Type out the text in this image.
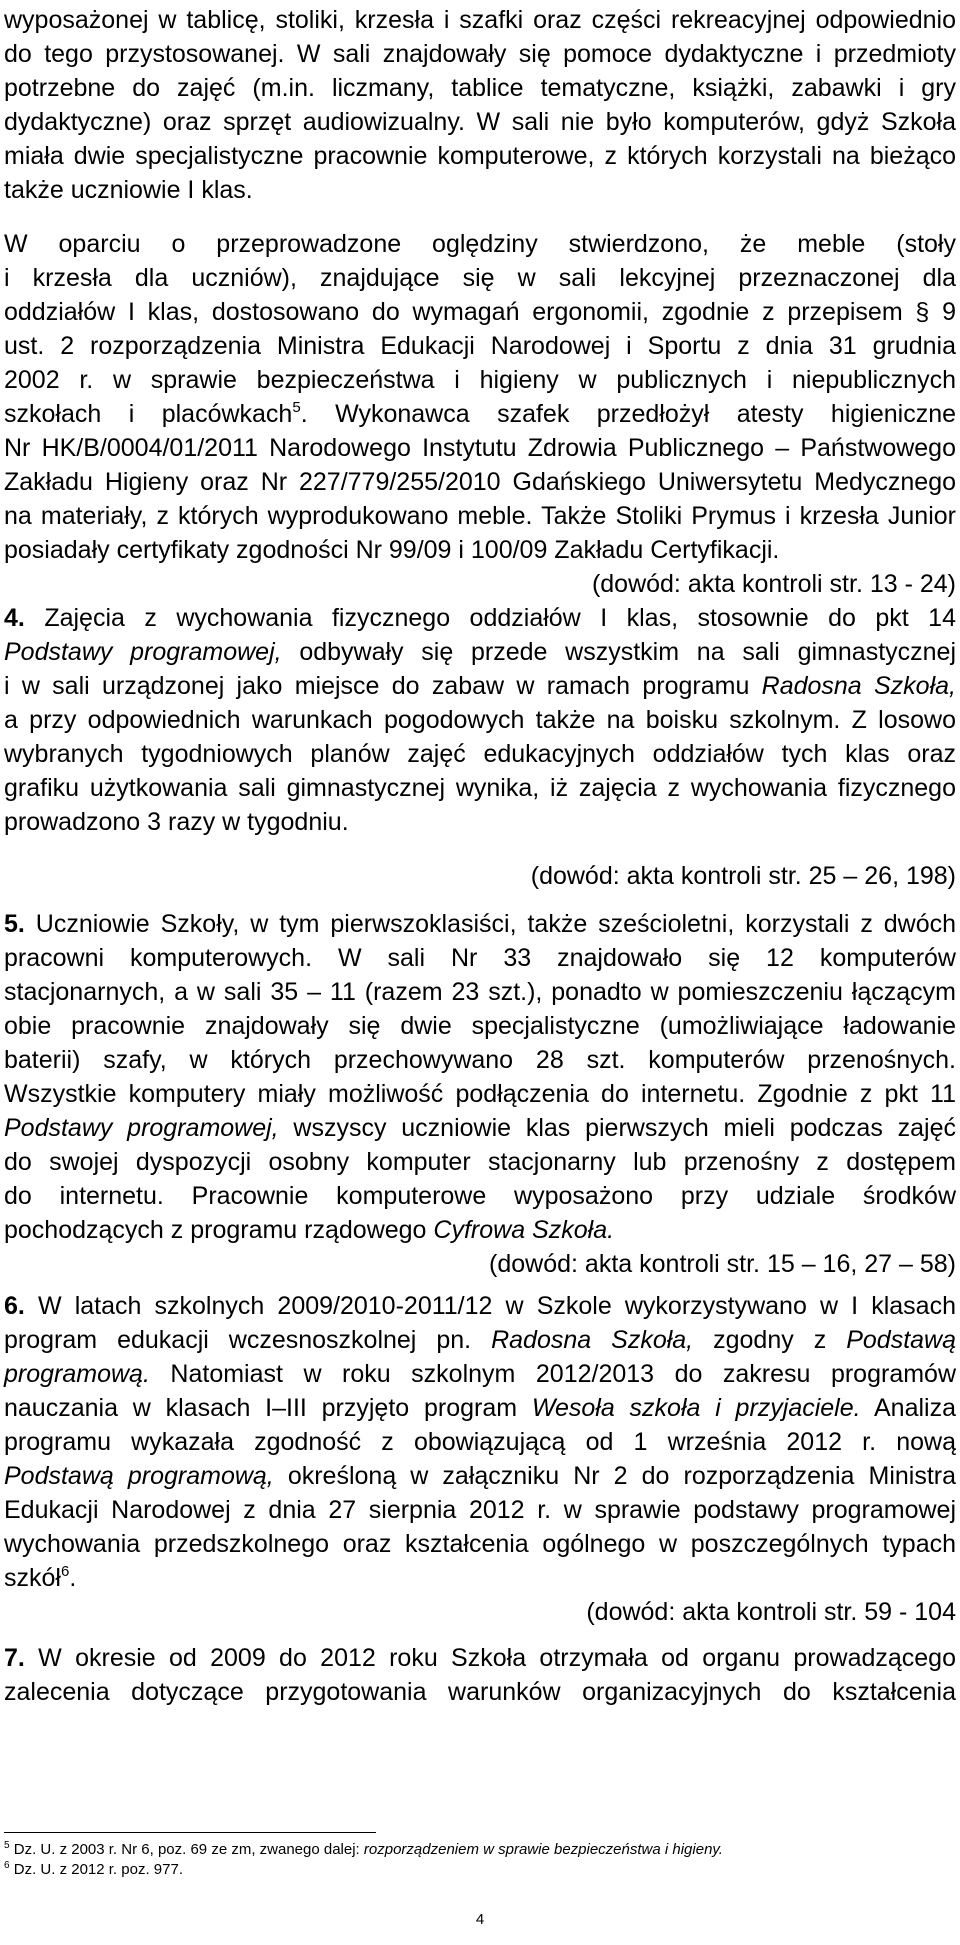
wyposażonej w tablicę, stoliki, krzesła i szafki oraz części rekreacyjnej odpowiednio
do tego przystosowanej. W sali znajdowały się pomoce dydaktyczne i przedmioty
potrzebne do zajęć (m.in. liczmany, tablice tematyczne, książki, zabawki i gry
dydaktyczne) oraz sprzęt audiowizualny. W sali nie było komputerów, gdyż Szkoła
miała dwie specjalistyczne pracownie komputerowe, z których korzystali na bieżąco
także uczniowie I klas.
W oparciu o przeprowadzone oględziny stwierdzono, że meble (stoły
i krzesła dla uczniów), znajdujące się w sali lekcyjnej przeznaczonej dla
oddziałów I klas, dostosowano do wymagań ergonomii, zgodnie z przepisem § 9
ust. 2 rozporządzenia Ministra Edukacji Narodowej i Sportu z dnia 31 grudnia
2002 r. w sprawie bezpieczeństwa i higieny w publicznych i niepublicznych
szkołach i placówkach$^5$. Wykonawca szafek przedłożył atesty higieniczne
Nr HK/B/0004/01/2011 Narodowego Instytutu Zdrowia Publicznego – Państwowego
Zakładu Higieny oraz Nr 227/779/255/2010 Gdańskiego Uniwersytetu Medycznego
na materiały, z których wyprodukowano meble. Także Stoliki Prymus i krzesła Junior
posiadały certyfikaty zgodności Nr 99/09 i 100/09 Zakładu Certyfikacji.
(dowód: akta kontroli str. 13 - 24)
4. Zajęcia z wychowania fizycznego oddziałów I klas, stosownie do pkt 14
Podstawy programowej, odbywały się przede wszystkim na sali gimnastycznej
i w sali urządzonej jako miejsce do zabaw w ramach programu Radosna Szkoła,
a przy odpowiednich warunkach pogodowych także na boisku szkolnym. Z losowo
wybranych tygodniowych planów zajęć edukacyjnych oddziałów tych klas oraz
grafiku użytkowania sali gimnastycznej wynika, iż zajęcia z wychowania fizycznego
prowadzono 3 razy w tygodniu.
(dowód: akta kontroli str. 25 – 26, 198)
5. Uczniowie Szkoły, w tym pierwszoklasiści, także sześcioletni, korzystali z dwóch
pracowni komputerowych. W sali Nr 33 znajdowało się 12 komputerów
stacjonarnych, a w sali 35 – 11 (razem 23 szt.), ponadto w pomieszczeniu łączącym
obie pracownie znajdowały się dwie specjalistyczne (umożliwiające ładowanie
baterii) szafy, w których przechowywano 28 szt. komputerów przenośnych.
Wszystkie komputery miały możliwość podłączenia do internetu. Zgodnie z pkt 11
Podstawy programowej, wszyscy uczniowie klas pierwszych mieli podczas zajęć
do swojej dyspozycji osobny komputer stacjonarny lub przenośny z dostępem
do internetu. Pracownie komputerowe wyposażono przy udziale środków
pochodzących z programu rządowego Cyfrowa Szkoła.
(dowód: akta kontroli str. 15 – 16, 27 – 58)
6. W latach szkolnych 2009/2010-2011/12 w Szkole wykorzystywano w I klasach
program edukacji wczesnoszkolnej pn. Radosna Szkoła, zgodny z Podstawą
programową. Natomiast w roku szkolnym 2012/2013 do zakresu programów
nauczania w klasach I–III przyjęto program Wesoła szkoła i przyjaciele. Analiza
programu wykazała zgodność z obowiązującą od 1 września 2012 r. nową
Podstawą programową, określoną w załączniku Nr 2 do rozporządzenia Ministra
Edukacji Narodowej z dnia 27 sierpnia 2012 r. w sprawie podstawy programowej
wychowania przedszkolnego oraz kształcenia ogólnego w poszczególnych typach
szkół$^6$.
(dowód: akta kontroli str. 59 - 104
7. W okresie od 2009 do 2012 roku Szkoła otrzymała od organu prowadzącego
zalecenia dotyczące przygotowania warunków organizacyjnych do kształcenia
$^5$ Dz. U. z 2003 r. Nr 6, poz. 69 ze zm, zwanego dalej: rozporządzeniem w sprawie bezpieczeństwa i higieny.
$^6$ Dz. U. z 2012 r. poz. 977.
4
